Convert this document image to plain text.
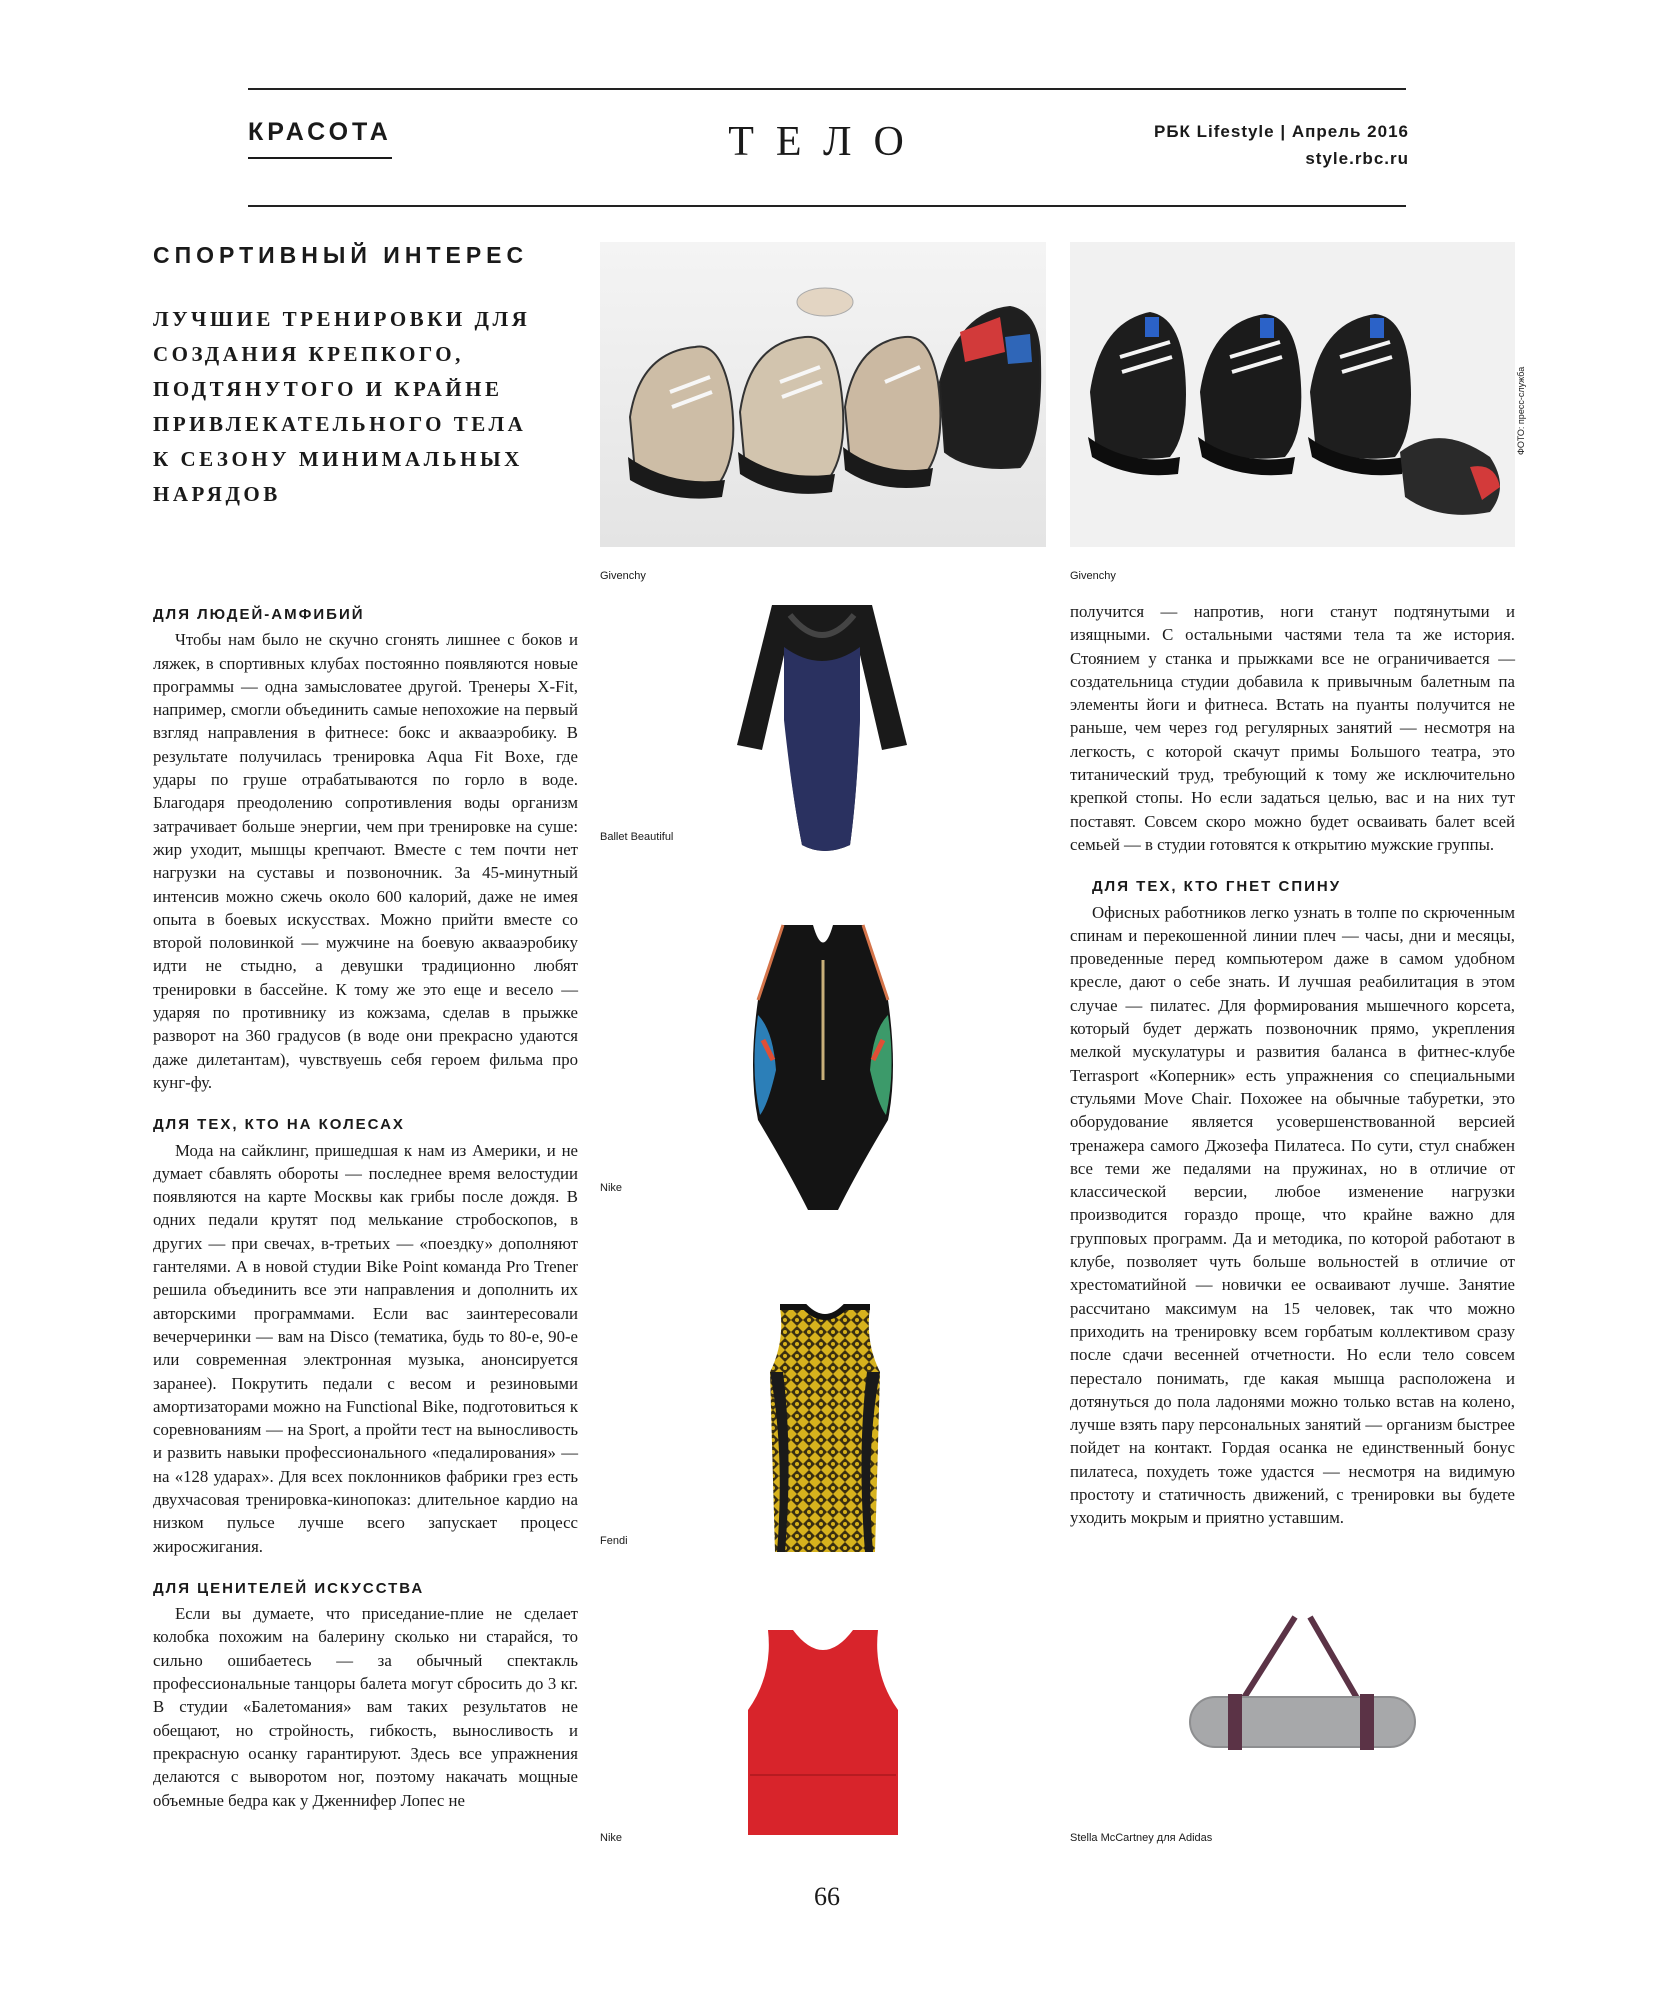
КРАСОТА	ТЕЛО	РБК Lifestyle | Апрель 2016
style.rbc.ru
СПОРТИВНЫЙ ИНТЕРЕС
ЛУЧШИЕ ТРЕНИРОВКИ ДЛЯ СОЗДАНИЯ КРЕПКОГО, ПОДТЯНУТОГО И КРАЙНЕ ПРИВЛЕКАТЕЛЬНОГО ТЕЛА К СЕЗОНУ МИНИМАЛЬНЫХ НАРЯДОВ
Givenchy	Givenchy
ФОТО: пресс-служба
Ballet Beautiful
Nike
Fendi
Nike	Stella McCartney для Adidas
ДЛЯ ЛЮДЕЙ-АМФИБИЙ

Чтобы нам было не скучно сгонять лишнее с боков и ляжек, в спортивных клубах постоянно появляются новые программы — одна замысловатее другой. Тренеры X-Fit, например, смогли объединить самые непохожие на первый взгляд направления в фитнесе: бокс и аквааэробику. В результате получилась тренировка Aqua Fit Boxe, где удары по груше отрабатываются по горло в воде. Благодаря преодолению сопротивления воды организм затрачивает больше энергии, чем при тренировке на суше: жир уходит, мышцы крепчают. Вместе с тем почти нет нагрузки на суставы и позвоночник. За 45-минутный интенсив можно сжечь около 600 калорий, даже не имея опыта в боевых искусствах. Можно прийти вместе со второй половинкой — мужчине на боевую аквааэробику идти не стыдно, а девушки традиционно любят тренировки в бассейне. К тому же это еще и весело — ударяя по противнику из кожзама, сделав в прыжке разворот на 360 градусов (в воде они прекрасно удаются даже дилетантам), чувствуешь себя героем фильма про кунг-фу.

ДЛЯ ТЕХ, КТО НА КОЛЕСАХ

Мода на сайклинг, пришедшая к нам из Америки, и не думает сбавлять обороты — последнее время велостудии появляются на карте Москвы как грибы после дождя. В одних педали крутят под мелькание стробоскопов, в других — при свечах, в-третьих — «поездку» дополняют гантелями. А в новой студии Bike Point команда Pro Trener решила объединить все эти направления и дополнить их авторскими программами. Если вас заинтересовали вечерчеринки — вам на Disco (тематика, будь то 80-е, 90-е или современная электронная музыка, анонсируется заранее). Покрутить педали с весом и резиновыми амортизаторами можно на Functional Bike, подготовиться к соревнованиям — на Sport, а пройти тест на выносливость и развить навыки профессионального «педалирования» — на «128 ударах». Для всех поклонников фабрики грез есть двухчасовая тренировка-кинопоказ: длительное кардио на низком пульсе лучше всего запускает процесс жиросжигания.

ДЛЯ ЦЕНИТЕЛЕЙ ИСКУССТВА

Если вы думаете, что приседание-плие не сделает колобка похожим на балерину сколько ни старайся, то сильно ошибаетесь — за обычный спектакль профессиональные танцоры балета могут сбросить до 3 кг. В студии «Балетомания» вам таких результатов не обещают, но стройность, гибкость, выносливость и прекрасную осанку гарантируют. Здесь все упражнения делаются с выворотом ног, поэтому накачать мощные объемные бедра как у Дженнифер Лопес не

получится — напротив, ноги станут подтянутыми и изящными. С остальными частями тела та же история. Стоянием у станка и прыжками все не ограничивается — создательница студии добавила к привычным балетным па элементы йоги и фитнеса. Встать на пуанты получится не раньше, чем через год регулярных занятий — несмотря на легкость, с которой скачут примы Большого театра, это титанический труд, требующий к тому же исключительно крепкой стопы. Но если задаться целью, вас и на них тут поставят. Совсем скоро можно будет осваивать балет всей семьей — в студии готовятся к открытию мужские группы.

ДЛЯ ТЕХ, КТО ГНЕТ СПИНУ

Офисных работников легко узнать в толпе по скрюченным спинам и перекошенной линии плеч — часы, дни и месяцы, проведенные перед компьютером даже в самом удобном кресле, дают о себе знать. И лучшая реабилитация в этом случае — пилатес. Для формирования мышечного корсета, который будет держать позвоночник прямо, укрепления мелкой мускулатуры и развития баланса в фитнес-клубе Terrasport «Коперник» есть упражнения со специальными стульями Move Chair. Похожее на обычные табуретки, это оборудование является усовершенствованной версией тренажера самого Джозефа Пилатеса. По сути, стул снабжен все теми же педалями на пружинах, но в отличие от классической версии, любое изменение нагрузки производится гораздо проще, что крайне важно для групповых программ. Да и методика, по которой работают в клубе, позволяет чуть больше вольностей в отличие от хрестоматийной — новички ее осваивают лучше. Занятие рассчитано максимум на 15 человек, так что можно приходить на тренировку всем горбатым коллективом сразу после сдачи весенней отчетности. Но если тело совсем перестало понимать, где какая мышца расположена и дотянуться до пола ладонями можно только встав на колено, лучше взять пару персональных занятий — организм быстрее пойдет на контакт. Гордая осанка не единственный бонус пилатеса, похудеть тоже удастся — несмотря на видимую простоту и статичность движений, с тренировки вы будете уходить мокрым и приятно уставшим.

66
